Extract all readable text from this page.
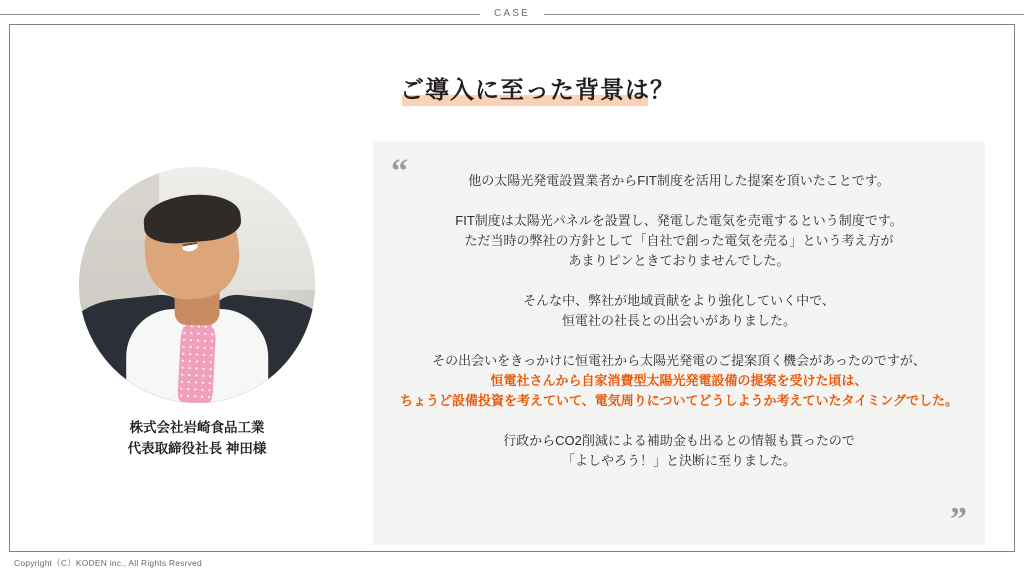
CASE
ご導入に至った背景は？
株式会社岩崎食品工業
代表取締役社長 神田様
“	他の太陽光発電設置業者からFIT制度を活用した提案を頂いたことです。

FIT制度は太陽光パネルを設置し、発電した電気を売電するという制度です。
ただ当時の弊社の方針として「自社で創った電気を売る」という考え方が
あまりピンときておりませんでした。

そんな中、弊社が地域貢献をより強化していく中で、
恒電社の社長との出会いがありました。

その出会いをきっかけに恒電社から太陽光発電のご提案頂く機会があったのですが、
恒電社さんから自家消費型太陽光発電設備の提案を受けた頃は、
ちょうど設備投資を考えていて、電気周りについてどうしようか考えていたタイミングでした。

行政からCO2削減による補助金も出るとの情報も貰ったので
「よしやろう！」と決断に至りました。

”
Copyright（C）KODEN inc., All Rights Resrved
